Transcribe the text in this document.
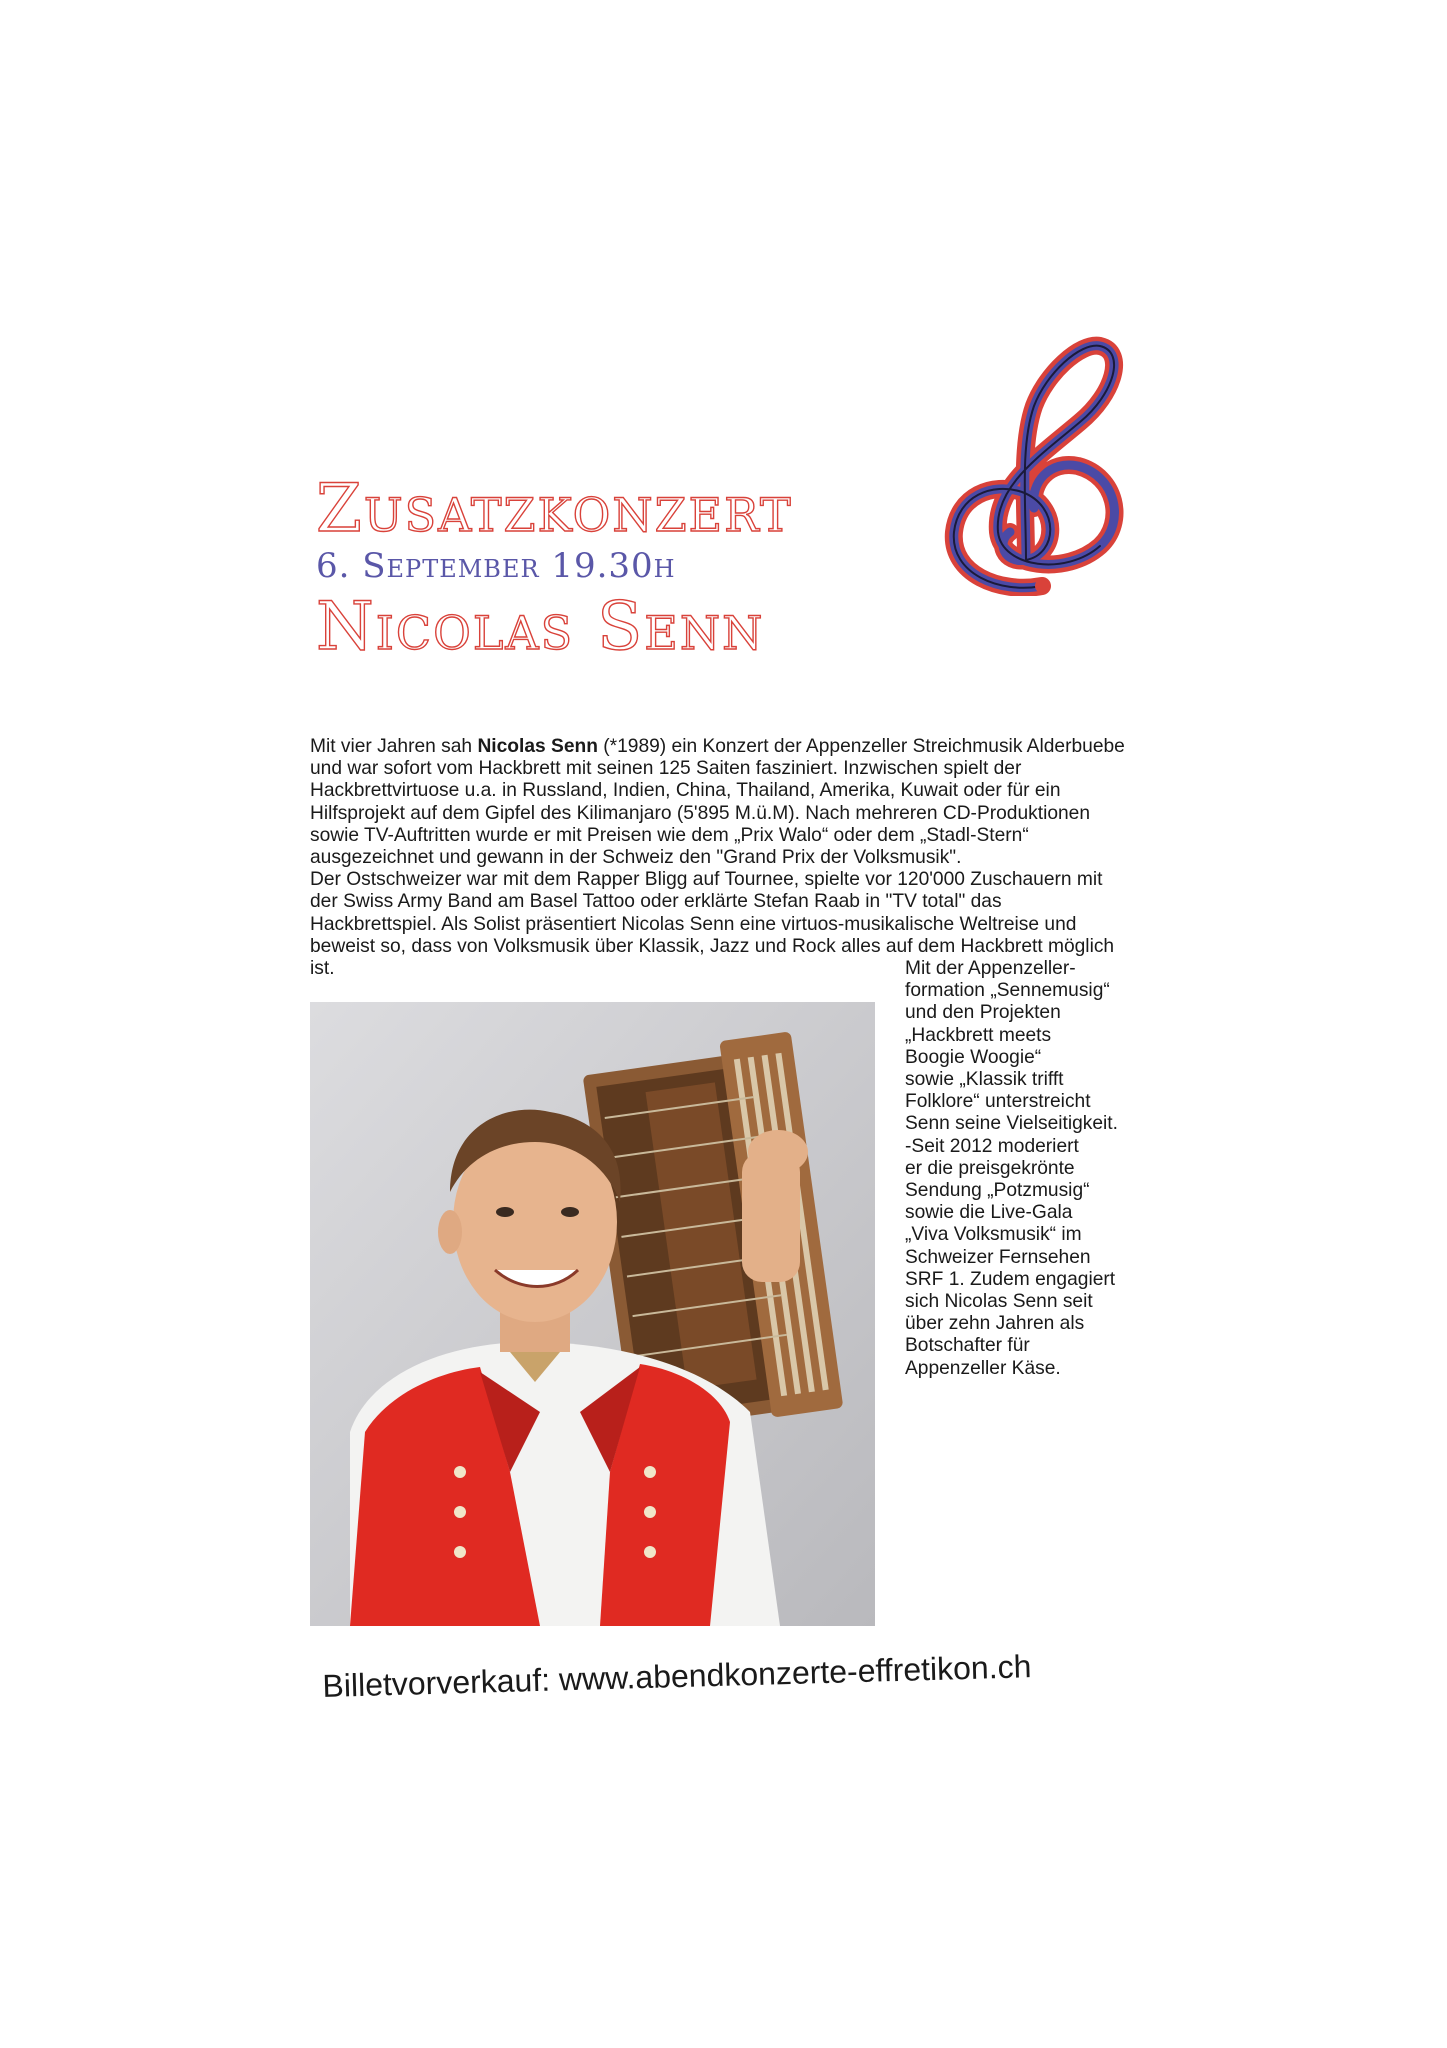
Zusatzkonzert
6. September 19.30h
Nicolas Senn

Mit vier Jahren sah Nicolas Senn (*1989) ein Konzert der Appenzeller Streichmusik Alderbuebe und war sofort vom Hackbrett mit seinen 125 Saiten fasziniert. Inzwischen spielt der Hackbrettvirtuose u.a. in Russland, Indien, China, Thailand, Amerika, Kuwait oder für ein Hilfsprojekt auf dem Gipfel des Kilimanjaro (5'895 M.ü.M). Nach mehreren CD-Produktionen sowie TV-Auftritten wurde er mit Preisen wie dem „Prix Walo“ oder dem „Stadl-Stern“ ausgezeichnet und gewann in der Schweiz den "Grand Prix der Volksmusik".

Der Ostschweizer war mit dem Rapper Bligg auf Tournee, spielte vor 120'000 Zuschauern mit der Swiss Army Band am Basel Tattoo oder erklärte Stefan Raab in "TV total" das Hackbrettspiel. Als Solist präsentiert Nicolas Senn eine virtuos-musikalische Weltreise und beweist so, dass von Volksmusik über Klassik, Jazz und Rock alles auf dem Hackbrett möglich ist.	Mit der Appenzeller-
formation „Sennemusig“
und den Projekten
„Hackbrett meets
Boogie Woogie“
sowie „Klassik trifft
Folklore“ unterstreicht
Senn seine Vielseitigkeit.
-Seit 2012 moderiert
er die preisgekrönte
Sendung „Potzmusig“
sowie die Live-Gala
„Viva Volksmusik“ im
Schweizer Fernsehen
SRF 1. Zudem engagiert
sich Nicolas Senn seit
über zehn Jahren als
Botschafter für
Appenzeller Käse.
Billetvorverkauf: www.abendkonzerte-effretikon.ch
